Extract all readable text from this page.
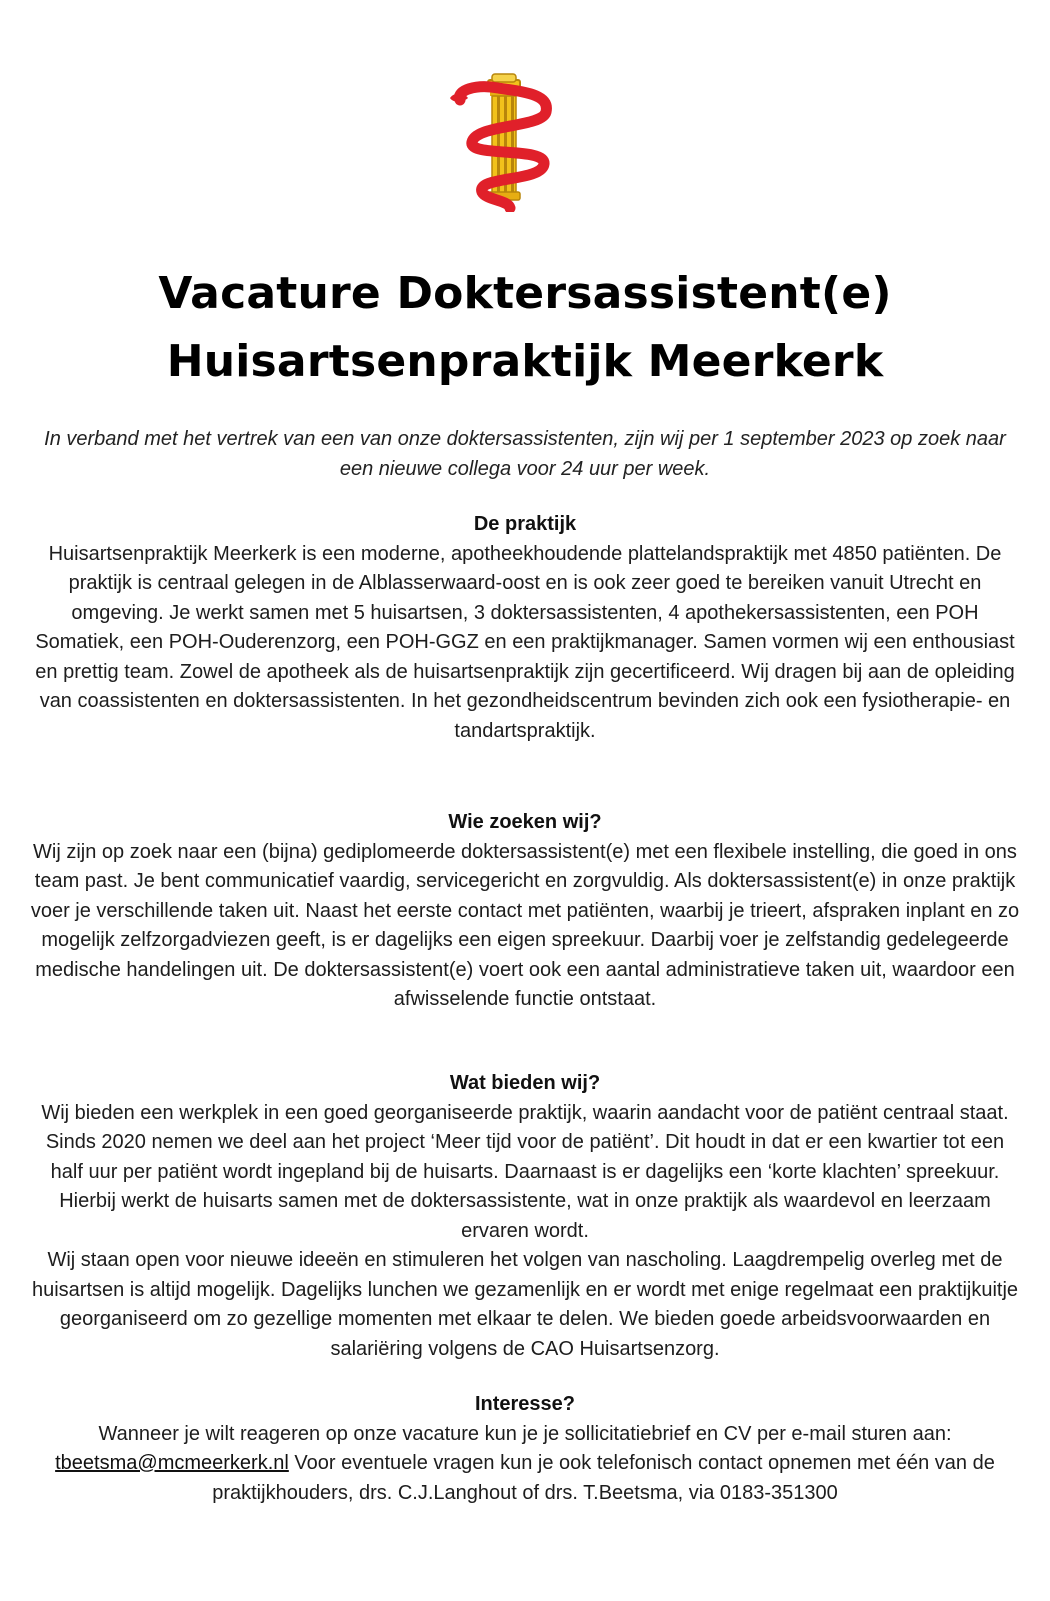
Vacature Doktersassistent(e)
Huisartsenpraktijk Meerkerk
In verband met het vertrek van een van onze doktersassistenten, zijn wij per 1 september 2023 op zoek naar een nieuwe collega voor 24 uur per week.
De praktijk

Huisartsenpraktijk Meerkerk is een moderne, apotheekhoudende plattelandspraktijk met 4850 patiënten. De praktijk is centraal gelegen in de Alblasserwaard-oost en is ook zeer goed te bereiken vanuit Utrecht en omgeving. Je werkt samen met 5 huisartsen, 3 doktersassistenten, 4 apothekersassistenten, een POH Somatiek, een POH-Ouderenzorg, een POH-GGZ en een praktijkmanager. Samen vormen wij een enthousiast en prettig team. Zowel de apotheek als de huisartsenpraktijk zijn gecertificeerd. Wij dragen bij aan de opleiding van coassistenten en doktersassistenten. In het gezondheidscentrum bevinden zich ook een fysiotherapie- en tandartspraktijk.

Wie zoeken wij?

Wij zijn op zoek naar een (bijna) gediplomeerde doktersassistent(e) met een flexibele instelling, die goed in ons team past. Je bent communicatief vaardig, servicegericht en zorgvuldig. Als doktersassistent(e) in onze praktijk voer je verschillende taken uit. Naast het eerste contact met patiënten, waarbij je trieert, afspraken inplant en zo mogelijk zelfzorgadviezen geeft, is er dagelijks een eigen spreekuur. Daarbij voer je zelfstandig gedelegeerde medische handelingen uit. De doktersassistent(e) voert ook een aantal administratieve taken uit, waardoor een afwisselende functie ontstaat.

Wat bieden wij?

Wij bieden een werkplek in een goed georganiseerde praktijk, waarin aandacht voor de patiënt centraal staat. Sinds 2020 nemen we deel aan het project ‘Meer tijd voor de patiënt’. Dit houdt in dat er een kwartier tot een half uur per patiënt wordt ingepland bij de huisarts. Daarnaast is er dagelijks een ‘korte klachten’ spreekuur. Hierbij werkt de huisarts samen met de doktersassistente, wat in onze praktijk als waardevol en leerzaam ervaren wordt.

Wij staan open voor nieuwe ideeën en stimuleren het volgen van nascholing. Laagdrempelig overleg met de huisartsen is altijd mogelijk. Dagelijks lunchen we gezamenlijk en er wordt met enige regelmaat een praktijkuitje georganiseerd om zo gezellige momenten met elkaar te delen. We bieden goede arbeidsvoorwaarden en salariëring volgens de CAO Huisartsenzorg.

Interesse?

Wanneer je wilt reageren op onze vacature kun je je sollicitatiebrief en CV per e-mail sturen aan: tbeetsma@mcmeerkerk.nl Voor eventuele vragen kun je ook telefonisch contact opnemen met één van de praktijkhouders, drs. C.J.Langhout of drs. T.Beetsma, via 0183-351300
